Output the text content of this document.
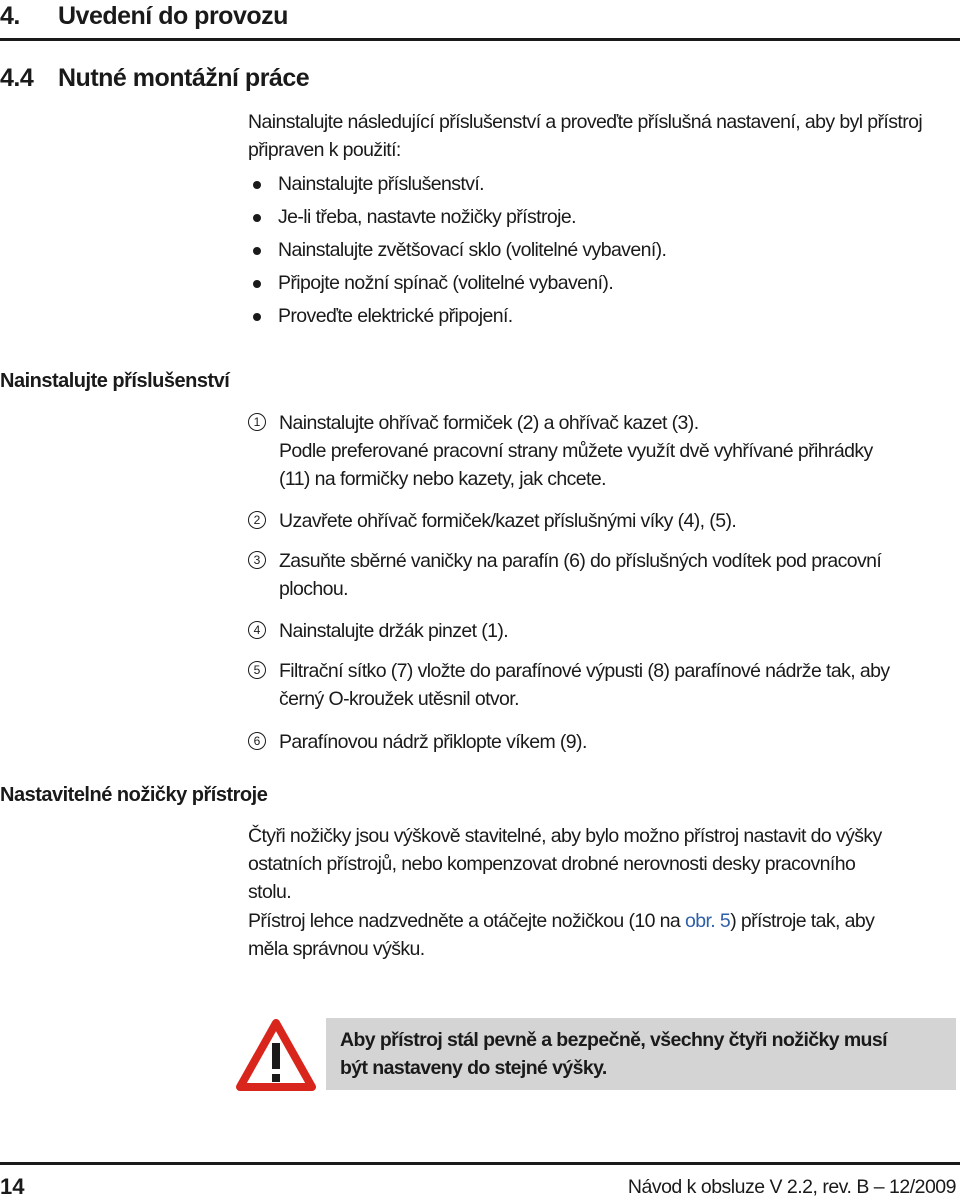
4. Uvedení do provozu
4.4 Nutné montážní práce
Nainstalujte následující příslušenství a proveďte příslušná nastavení, aby byl přístroj připraven k použití:
Nainstalujte příslušenství.
Je-li třeba, nastavte nožičky přístroje.
Nainstalujte zvětšovací sklo (volitelné vybavení).
Připojte nožní spínač (volitelné vybavení).
Proveďte elektrické připojení.
Nainstalujte příslušenství
1 Nainstalujte ohřívač formiček (2) a ohřívač kazet (3).
Podle preferované pracovní strany můžete využít dvě vyhřívané přihrádky
(11) na formičky nebo kazety, jak chcete.
2 Uzavřete ohřívač formiček/kazet příslušnými víky (4), (5).
3 Zasuňte sběrné vaničky na parafín (6) do příslušných vodítek pod pracovní
plochou.
4 Nainstalujte držák pinzet (1).
5 Filtrační sítko (7) vložte do parafínové výpusti (8) parafínové nádrže tak, aby
černý O-kroužek utěsnil otvor.
6 Parafínovou nádrž přiklopte víkem (9).
Nastavitelné nožičky přístroje
Čtyři nožičky jsou výškově stavitelné, aby bylo možno přístroj nastavit do výšky
ostatních přístrojů, nebo kompenzovat drobné nerovnosti desky pracovního
stolu.
Přístroj lehce nadzvedněte a otáčejte nožičkou (10 na obr. 5) přístroje tak, aby
měla správnou výšku.
Aby přístroj stál pevně a bezpečně, všechny čtyři nožičky musí
být nastaveny do stejné výšky.
14	Návod k obsluze V 2.2, rev. B – 12/2009
